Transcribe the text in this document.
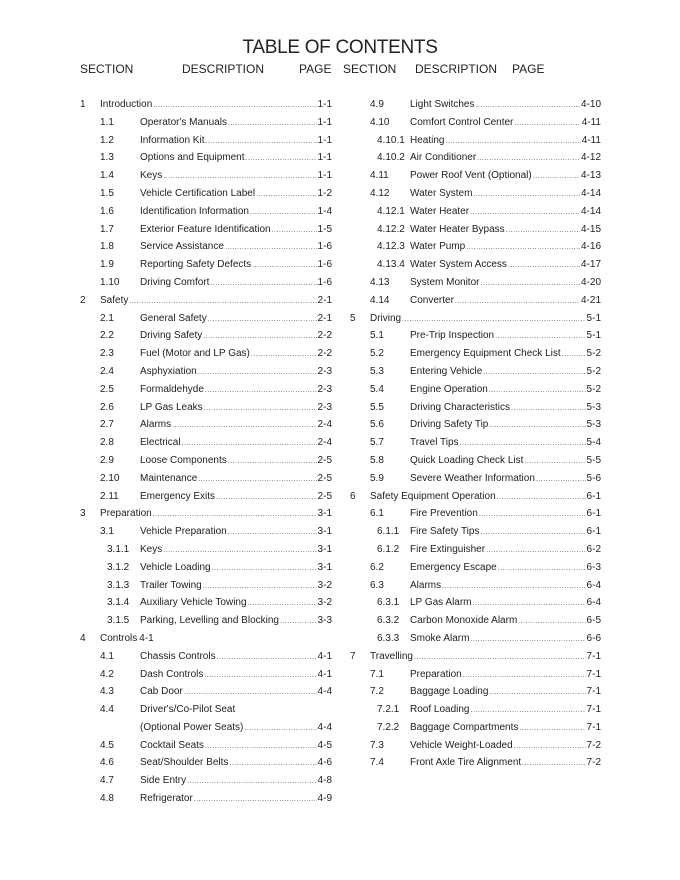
TABLE OF CONTENTS
SECTION	DESCRIPTION	PAGE SECTION DESCRIPTION PAGE
1 Introduction .....	1-1
1.1	Operator's Manuals .....	1-1
1.2	Information Kit .....	1-1
1.3	Options and Equipment .....	1-1
1.4	Keys .....	1-1
1.5	Vehicle Certification Label .....	1-2
1.6	Identification Information .....	1-4
1.7	Exterior Feature Identification .....	1-5
1.8	Service Assistance .....	1-6
1.9	Reporting Safety Defects .....	1-6
1.10 Driving Comfort .....	1-6
2 Safety .....	2-1
2.1	General Safety .....	2-1
2.2	Driving Safety .....	2-2
2.3	Fuel (Motor and LP Gas) .....	2-2
2.4	Asphyxiation .....	2-3
2.5	Formaldehyde .....	2-3
2.6	LP Gas Leaks .....	2-3
2.7	Alarms .....	2-4
2.8	Electrical .....	2-4
2.9	Loose Components .....	2-5
2.10 Maintenance .....	2-5
2.11 Emergency Exits .....	2-5
3 Preparation .....	3-1
3.1	Vehicle Preparation .....	3-1
3.1.1 Keys .....	3-1
3.1.2 Vehicle Loading .....	3-1
3.1.3 Trailer Towing .....	3-2
3.1.4 Auxiliary Vehicle Towing .....	3-2
3.1.5 Parking, Levelling and Blocking .....	3-3
4 Controls 4-1
4.1	Chassis Controls .....	4-1
4.2	Dash Controls .....	4-1
4.3	Cab Door .....	4-4
4.4	Driver's/Co-Pilot Seat
(Optional Power Seats) .....	4-4
4.5	Cocktail Seats .....	4-5
4.6	Seat/Shoulder Belts .....	4-6
4.7	Side Entry .....	4-8
4.8	Refrigerator .....	4-9
4.9	Light Switches .....	4-10
4.10 Comfort Control Center .....	4-11
4.10.1 Heating .....	4-11
4.10.2 Air Conditioner .....	4-12
4.11 Power Roof Vent (Optional) .....	4-13
4.12 Water System .....	4-14
4.12.1 Water Heater .....	4-14
4.12.2 Water Heater Bypass .....	4-15
4.12.3 Water Pump .....	4-16
4.13.4 Water System Access .....	4-17
4.13 System Monitor .....	4-20
4.14 Converter .....	4-21
5 Driving .....	5-1
5.1	Pre-Trip Inspection .....	5-1
5.2	Emergency Equipment Check List .....	5-2
5.3	Entering Vehicle .....	5-2
5.4	Engine Operation .....	5-2
5.5	Driving Characteristics .....	5-3
5.6	Driving Safety Tip .....	5-3
5.7	Travel Tips .....	5-4
5.8	Quick Loading Check List .....	5-5
5.9	Severe Weather Information .....	5-6
6 Safety Equipment Operation .....	6-1
6.1	Fire Prevention .....	6-1
6.1.1 Fire Safety Tips .....	6-1
6.1.2 Fire Extinguisher .....	6-2
6.2	Emergency Escape .....	6-3
6.3	Alarms .....	6-4
6.3.1 LP Gas Alarm .....	6-4
6.3.2 Carbon Monoxide Alarm .....	6-5
6.3.3 Smoke Alarm .....	6-6
7 Travelling .....	7-1
7.1	Preparation .....	7-1
7.2	Baggage Loading .....	7-1
7.2.1 Roof Loading .....	7-1
7.2.2 Baggage Compartments .....	7-1
7.3	Vehicle Weight-Loaded .....	7-2
7.4	Front Axle Tire Alignment .....	7-2
